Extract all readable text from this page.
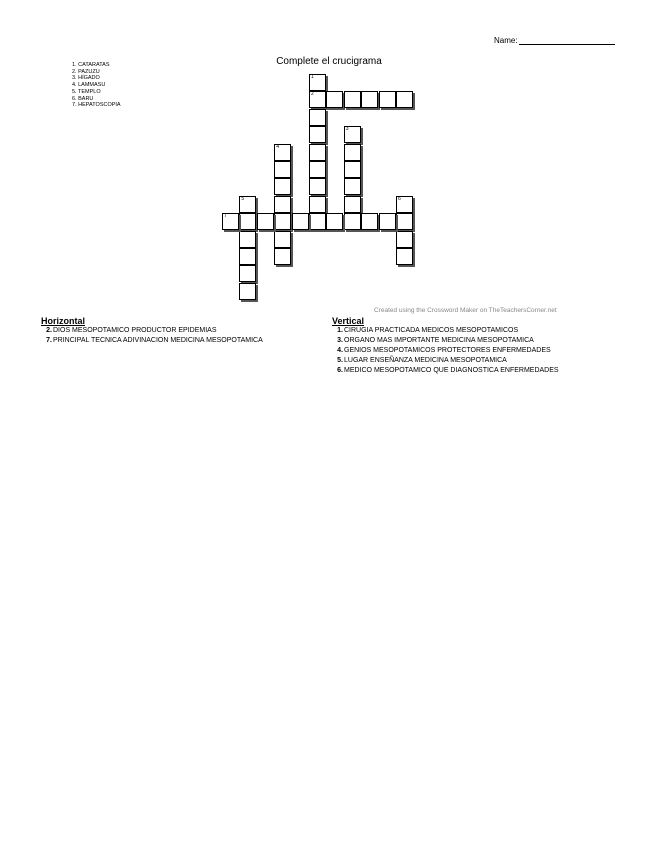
Name:
Complete el crucigrama
1. CATARATAS
2. PAZUZU
3. HÍGADO
4. LAMMASU
5. TEMPLO
6. BARU
7. HEPATOSCOPIA
1
2
3
4
5	6
7
Created using the Crossword Maker on TheTeachersCorner.net
Horizontal
2.DIOS MESOPOTAMICO PRODUCTOR EPIDEMIAS
7.PRINCIPAL TECNICA ADIVINACION MEDICINA MESOPOTAMICA
Vertical
1.CIRUGIA PRACTICADA MEDICOS MESOPOTAMICOS
3.ORGANO MAS IMPORTANTE MEDICINA MESOPOTAMICA
4.GENIOS MESOPOTAMICOS PROTECTORES ENFERMEDADES
5.LUGAR ENSEÑANZA MEDICINA MESOPOTAMICA
6.MEDICO MESOPOTAMICO QUE DIAGNOSTICA ENFERMEDADES
